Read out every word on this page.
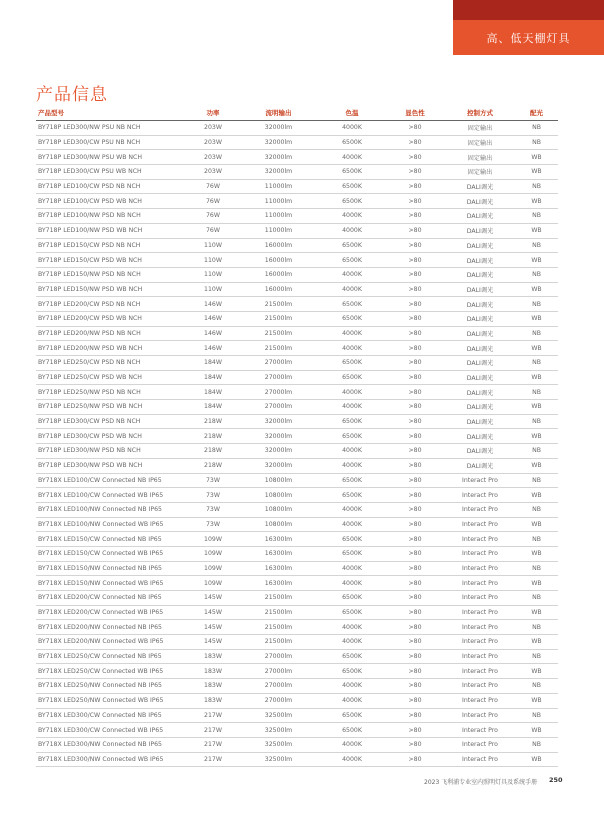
高、低天棚灯具
产品信息
产品型号	功率	流明输出	色温	显色性	控制方式	配光
BY718P LED300/NW PSU NB NCH	203W	32000lm	4000K	>80	固定输出	NB
BY718P LED300/CW PSU NB NCH	203W	32000lm	6500K	>80	固定输出	NB
BY718P LED300/NW PSU WB NCH	203W	32000lm	4000K	>80	固定输出	WB
BY718P LED300/CW PSU WB NCH	203W	32000lm	6500K	>80	固定输出	WB
BY718P LED100/CW PSD NB NCH	76W	11000lm	6500K	>80	DALI调光	NB
BY718P LED100/CW PSD WB NCH	76W	11000lm	6500K	>80	DALI调光	WB
BY718P LED100/NW PSD NB NCH	76W	11000lm	4000K	>80	DALI调光	NB
BY718P LED100/NW PSD WB NCH	76W	11000lm	4000K	>80	DALI调光	WB
BY718P LED150/CW PSD NB NCH	110W	16000lm	6500K	>80	DALI调光	NB
BY718P LED150/CW PSD WB NCH	110W	16000lm	6500K	>80	DALI调光	WB
BY718P LED150/NW PSD NB NCH	110W	16000lm	4000K	>80	DALI调光	NB
BY718P LED150/NW PSD WB NCH	110W	16000lm	4000K	>80	DALI调光	WB
BY718P LED200/CW PSD NB NCH	146W	21500lm	6500K	>80	DALI调光	NB
BY718P LED200/CW PSD WB NCH	146W	21500lm	6500K	>80	DALI调光	WB
BY718P LED200/NW PSD NB NCH	146W	21500lm	4000K	>80	DALI调光	NB
BY718P LED200/NW PSD WB NCH	146W	21500lm	4000K	>80	DALI调光	WB
BY718P LED250/CW PSD NB NCH	184W	27000lm	6500K	>80	DALI调光	NB
BY718P LED250/CW PSD WB NCH	184W	27000lm	6500K	>80	DALI调光	WB
BY718P LED250/NW PSD NB NCH	184W	27000lm	4000K	>80	DALI调光	NB
BY718P LED250/NW PSD WB NCH	184W	27000lm	4000K	>80	DALI调光	WB
BY718P LED300/CW PSD NB NCH	218W	32000lm	6500K	>80	DALI调光	NB
BY718P LED300/CW PSD WB NCH	218W	32000lm	6500K	>80	DALI调光	WB
BY718P LED300/NW PSD NB NCH	218W	32000lm	4000K	>80	DALI调光	NB
BY718P LED300/NW PSD WB NCH	218W	32000lm	4000K	>80	DALI调光	WB
BY718X LED100/CW Connected NB IP65	73W	10800lm	6500K	>80	Interact Pro	NB
BY718X LED100/CW Connected WB IP65	73W	10800lm	6500K	>80	Interact Pro	WB
BY718X LED100/NW Connected NB IP65	73W	10800lm	4000K	>80	Interact Pro	NB
BY718X LED100/NW Connected WB IP65	73W	10800lm	4000K	>80	Interact Pro	WB
BY718X LED150/CW Connected NB IP65	109W	16300lm	6500K	>80	Interact Pro	NB
BY718X LED150/CW Connected WB IP65	109W	16300lm	6500K	>80	Interact Pro	WB
BY718X LED150/NW Connected NB IP65	109W	16300lm	4000K	>80	Interact Pro	NB
BY718X LED150/NW Connected WB IP65	109W	16300lm	4000K	>80	Interact Pro	WB
BY718X LED200/CW Connected NB IP65	145W	21500lm	6500K	>80	Interact Pro	NB
BY718X LED200/CW Connected WB IP65	145W	21500lm	6500K	>80	Interact Pro	WB
BY718X LED200/NW Connected NB IP65	145W	21500lm	4000K	>80	Interact Pro	NB
BY718X LED200/NW Connected WB IP65	145W	21500lm	4000K	>80	Interact Pro	WB
BY718X LED250/CW Connected NB IP65	183W	27000lm	6500K	>80	Interact Pro	NB
BY718X LED250/CW Connected WB IP65	183W	27000lm	6500K	>80	Interact Pro	WB
BY718X LED250/NW Connected NB IP65	183W	27000lm	4000K	>80	Interact Pro	NB
BY718X LED250/NW Connected WB IP65	183W	27000lm	4000K	>80	Interact Pro	WB
BY718X LED300/CW Connected NB IP65	217W	32500lm	6500K	>80	Interact Pro	NB
BY718X LED300/CW Connected WB IP65	217W	32500lm	6500K	>80	Interact Pro	WB
BY718X LED300/NW Connected NB IP65	217W	32500lm	4000K	>80	Interact Pro	NB
BY718X LED300/NW Connected WB IP65	217W	32500lm	4000K	>80	Interact Pro	WB
2023 飞利浦专业室内照明灯具及系统手册 250
